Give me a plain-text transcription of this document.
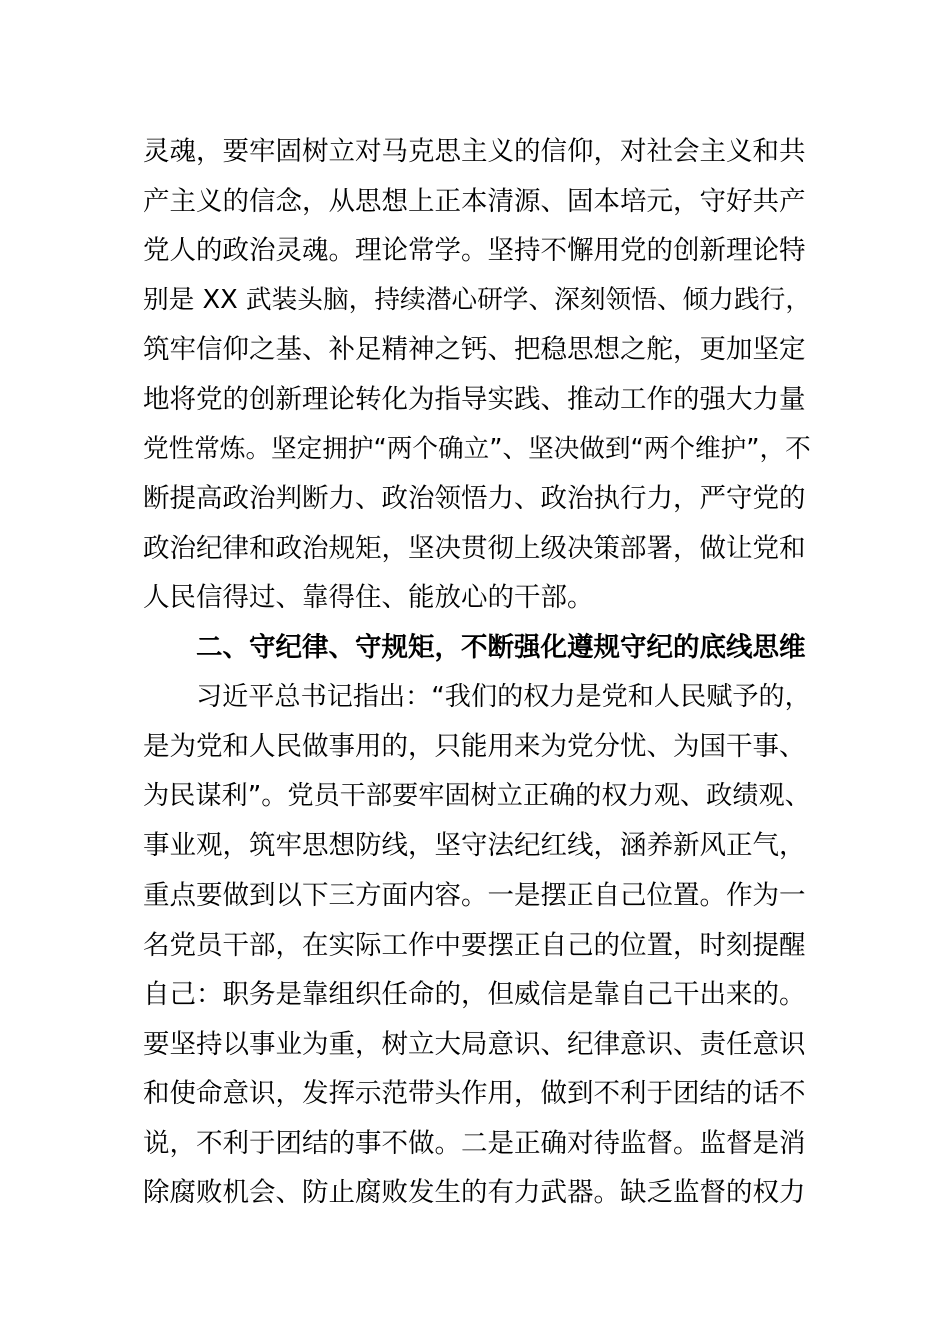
灵魂，要牢固树立对马克思主义的信仰，对社会主义和共
产主义的信念，从思想上正本清源、固本培元，守好共产
党人的政治灵魂。理论常学。坚持不懈用党的创新理论特
别是 XX 武装头脑，持续潜心研学、深刻领悟、倾力践行，
筑牢信仰之基、补足精神之钙、把稳思想之舵，更加坚定
地将党的创新理论转化为指导实践、推动工作的强大力量
党性常炼。坚定拥护“两个确立”、坚决做到“两个维护”，不
断提高政治判断力、政治领悟力、政治执行力，严守党的
政治纪律和政治规矩，坚决贯彻上级决策部署，做让党和
人民信得过、靠得住、能放心的干部。
二、守纪律、守规矩，不断强化遵规守纪的底线思维
习近平总书记指出：“我们的权力是党和人民赋予的，
是为党和人民做事用的，只能用来为党分忧、为国干事、
为民谋利”。党员干部要牢固树立正确的权力观、政绩观、
事业观，筑牢思想防线，坚守法纪红线，涵养新风正气，
重点要做到以下三方面内容。一是摆正自己位置。作为一
名党员干部，在实际工作中要摆正自己的位置，时刻提醒
自己：职务是靠组织任命的，但威信是靠自己干出来的。
要坚持以事业为重，树立大局意识、纪律意识、责任意识
和使命意识，发挥示范带头作用，做到不利于团结的话不
说，不利于团结的事不做。二是正确对待监督。监督是消
除腐败机会、防止腐败发生的有力武器。缺乏监督的权力
